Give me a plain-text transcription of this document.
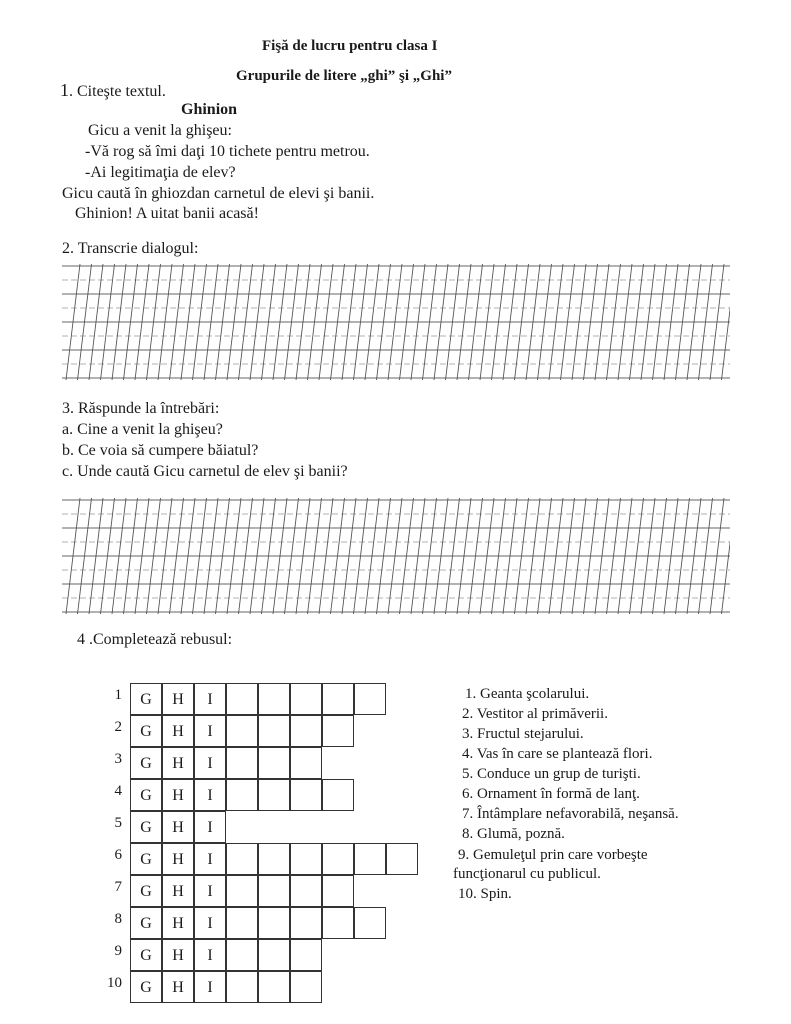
Fişă de lucru pentru clasa I
Grupurile de litere „ghi” şi „Ghi”
1. Citeşte textul.
Ghinion
Gicu a venit la ghişeu:
-Vă rog să îmi daţi 10 tichete pentru metrou.
-Ai legitimaţia de elev?
Gicu caută în ghiozdan carnetul de elevi şi banii.
Ghinion! A uitat banii acasă!
2. Transcrie dialogul:
3. Răspunde la întrebări:
a. Cine a venit la ghişeu?
b. Ce voia să cumpere băiatul?
c. Unde caută Gicu carnetul de elev şi banii?
4 .Completează rebusul:
1	G	H	I
2	G	H	I
3	G	H	I
4	G	H	I
5	G	H	I
6	G	H	I
7	G	H	I
8	G	H	I
9	G	H	I
10	G	H	I
1. Geanta şcolarului.
2. Vestitor al primăverii.
3. Fructul stejarului.
4. Vas în care se plantează flori.
5. Conduce un grup de turişti.
6. Ornament în formă de lanţ.
7. Întâmplare nefavorabilă, neşansă.
8. Glumă, poznă.
9. Gemuleţul prin care vorbeşte
funcţionarul cu publicul.
10. Spin.
